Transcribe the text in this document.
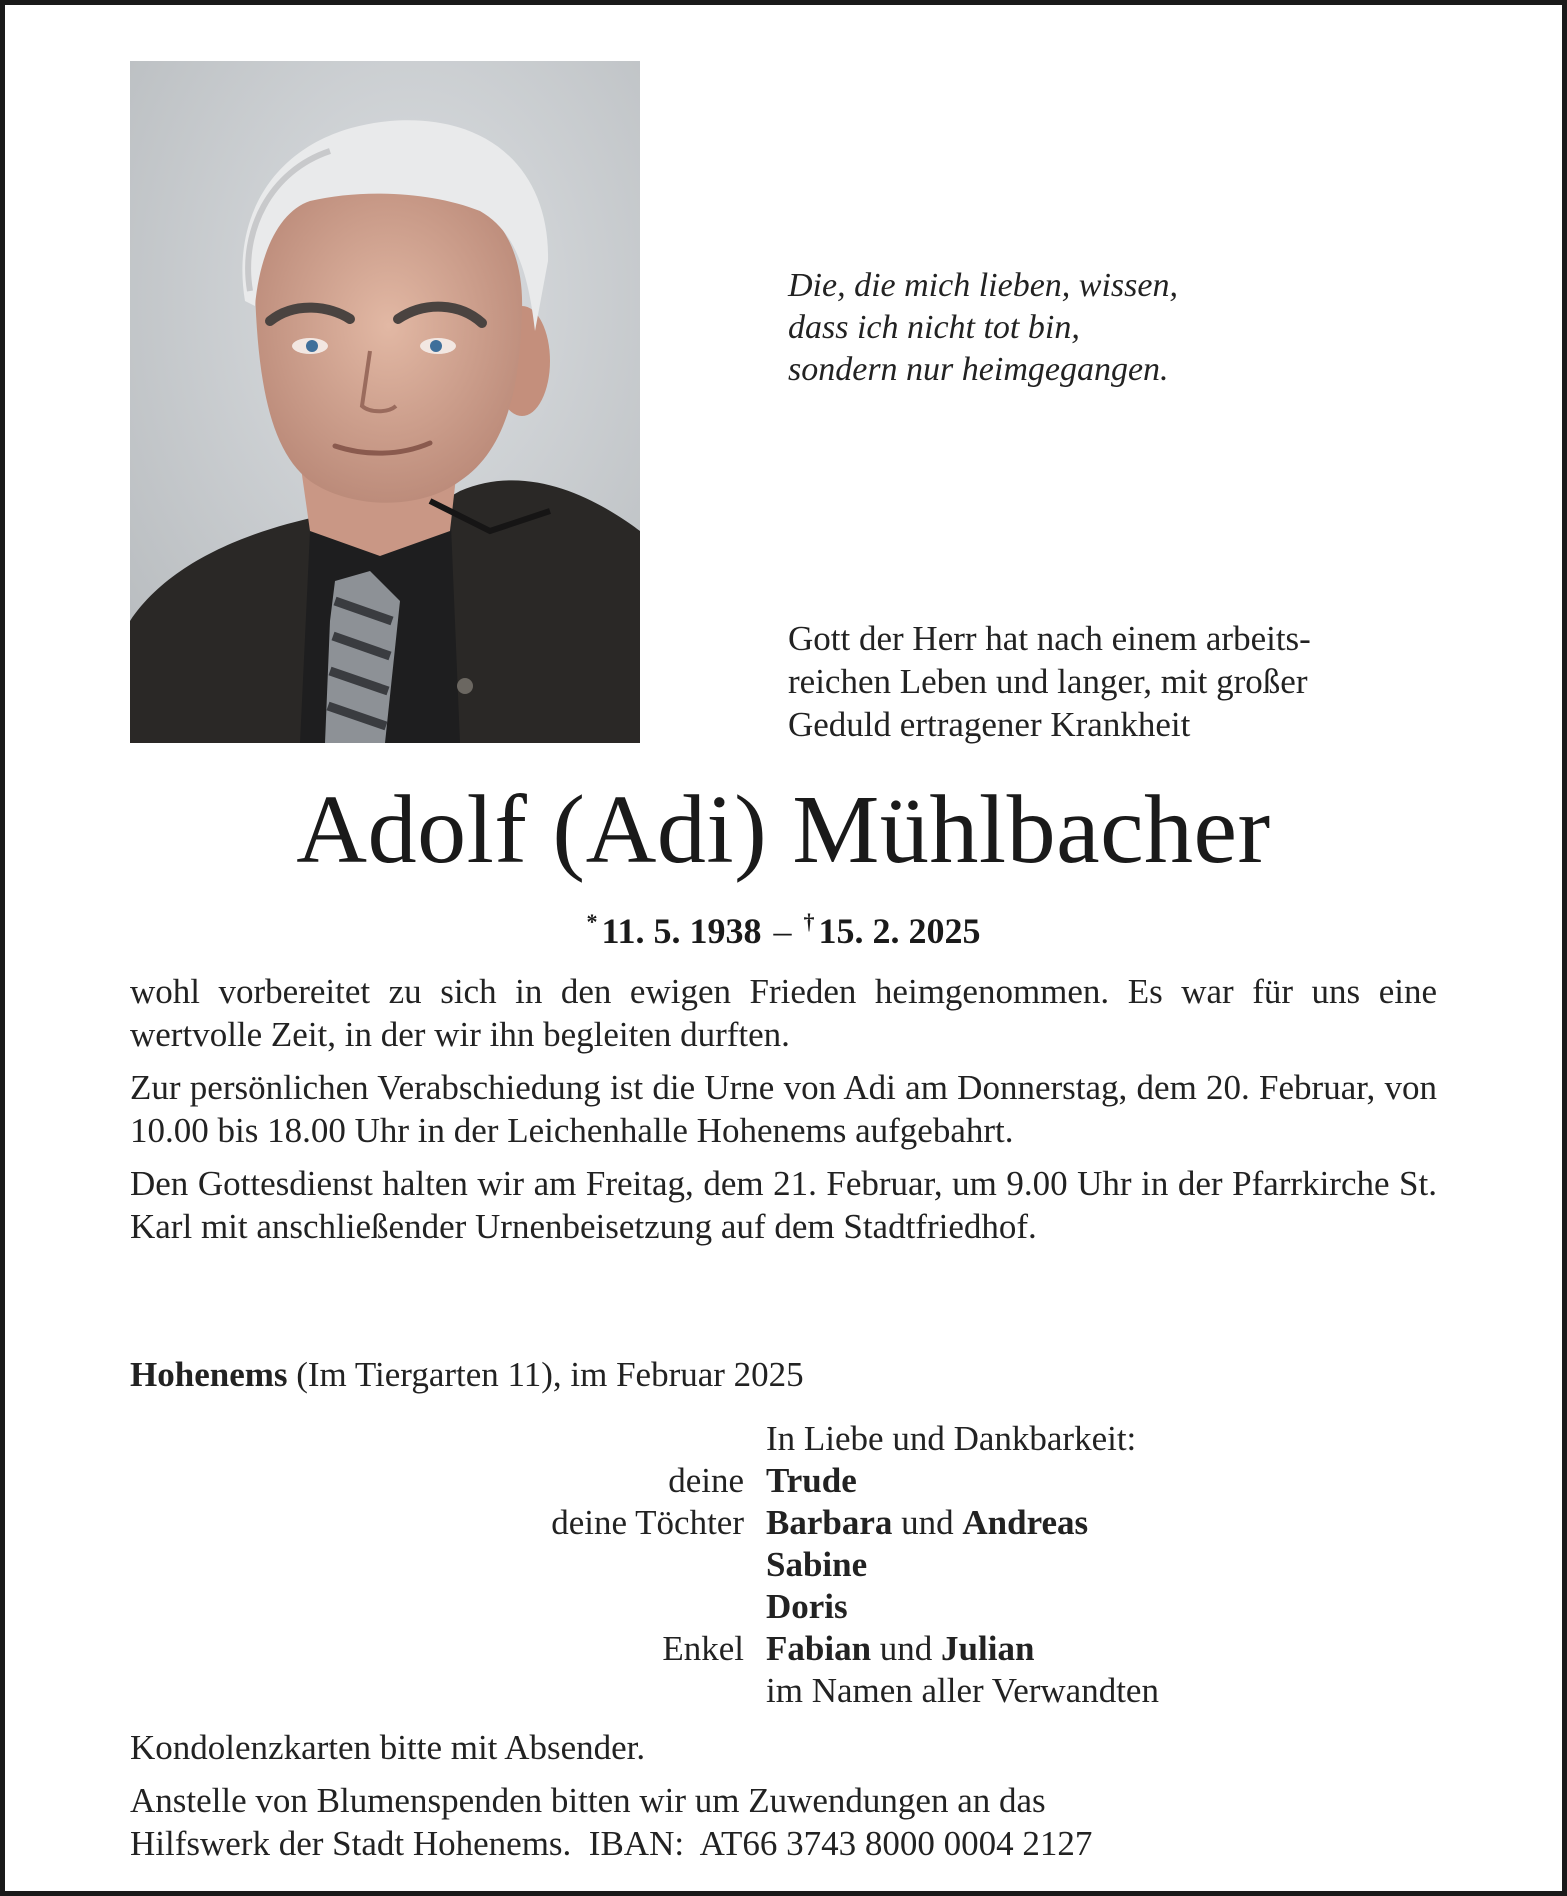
Die, die mich lieben, wissen,
dass ich nicht tot bin,
sondern nur heimgegangen.
Gott der Herr hat nach einem arbeits-
reichen Leben und langer, mit großer
Geduld ertragener Krankheit
Adolf (Adi) Mühlbacher
* 11. 5. 1938 – † 15. 2. 2025

wohl vorbereitet zu sich in den ewigen Frieden heimgenommen. Es war für uns eine wertvolle Zeit, in der wir ihn begleiten durften.

Zur persönlichen Verabschiedung ist die Urne von Adi am Donnerstag, dem 20. Februar, von 10.00 bis 18.00 Uhr in der Leichenhalle Hohenems aufgebahrt.

Den Gottesdienst halten wir am Freitag, dem 21. Februar, um 9.00 Uhr in der Pfarrkirche St. Karl mit anschließender Urnenbeisetzung auf dem Stadtfriedhof.

Hohenems (Im Tiergarten 11), im Februar 2025
In Liebe und Dankbarkeit:
deine Trude
deine Töchter Barbara und Andreas
Sabine
Doris
Enkel Fabian und Julian
im Namen aller Verwandten
Kondolenzkarten bitte mit Absender.
Anstelle von Blumenspenden bitten wir um Zuwendungen an das
Hilfswerk der Stadt Hohenems.  IBAN:  AT66 3743 8000 0004 2127
